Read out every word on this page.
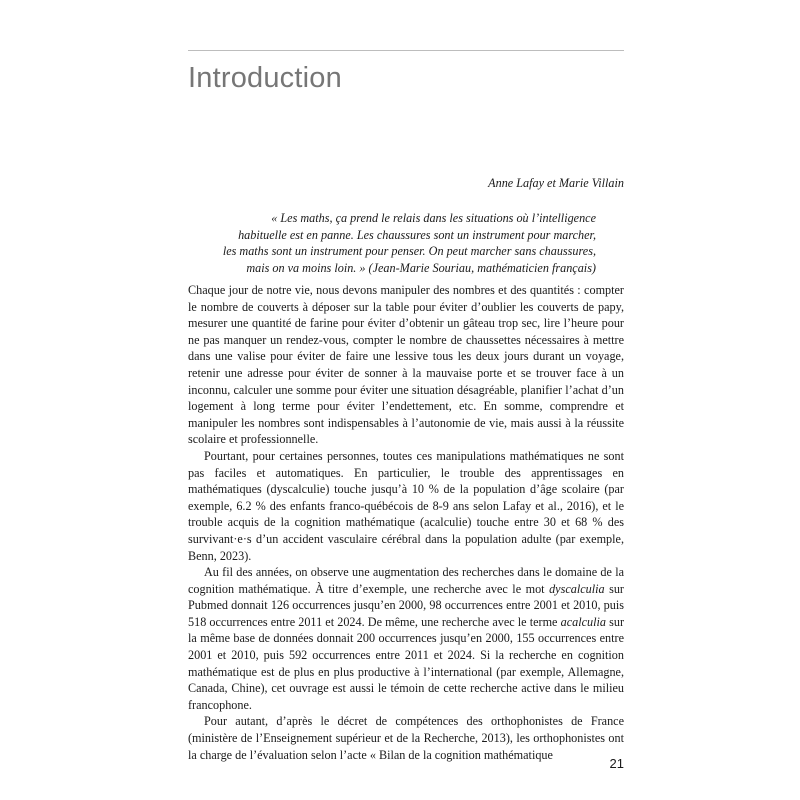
Introduction
Anne Lafay et Marie Villain
« Les maths, ça prend le relais dans les situations où l’intelligence
habituelle est en panne. Les chaussures sont un instrument pour marcher,
les maths sont un instrument pour penser. On peut marcher sans chaussures,
mais on va moins loin. » (Jean-Marie Souriau, mathématicien français)

Chaque jour de notre vie, nous devons manipuler des nombres et des quantités : compter le nombre de couverts à déposer sur la table pour éviter d’oublier les couverts de papy, mesurer une quantité de farine pour éviter d’obtenir un gâteau trop sec, lire l’heure pour ne pas manquer un rendez-vous, compter le nombre de chaussettes nécessaires à mettre dans une valise pour éviter de faire une lessive tous les deux jours durant un voyage, retenir une adresse pour éviter de sonner à la mauvaise porte et se trouver face à un inconnu, calculer une somme pour éviter une situation désagréable, planifier l’achat d’un logement à long terme pour éviter l’endettement, etc. En somme, comprendre et manipuler les nombres sont indispensables à l’autonomie de vie, mais aussi à la réussite scolaire et professionnelle.

Pourtant, pour certaines personnes, toutes ces manipulations mathématiques ne sont pas faciles et automatiques. En particulier, le trouble des apprentissages en mathématiques (dyscalculie) touche jusqu’à 10 % de la population d’âge scolaire (par exemple, 6.2 % des enfants franco-québécois de 8-9 ans selon Lafay et al., 2016), et le trouble acquis de la cognition mathématique (acalculie) touche entre 30 et 68 % des survivant·e·s d’un accident vasculaire cérébral dans la population adulte (par exemple, Benn, 2023).

Au fil des années, on observe une augmentation des recherches dans le domaine de la cognition mathématique. À titre d’exemple, une recherche avec le mot dyscalculia sur Pubmed donnait 126 occurrences jusqu’en 2000, 98 occurrences entre 2001 et 2010, puis 518 occurrences entre 2011 et 2024. De même, une recherche avec le terme acalculia sur la même base de données donnait 200 occurrences jusqu’en 2000, 155 occurrences entre 2001 et 2010, puis 592 occurrences entre 2011 et 2024. Si la recherche en cognition mathématique est de plus en plus productive à l’international (par exemple, Allemagne, Canada, Chine), cet ouvrage est aussi le témoin de cette recherche active dans le milieu francophone.

Pour autant, d’après le décret de compétences des orthophonistes de France (ministère de l’Enseignement supérieur et de la Recherche, 2013), les orthophonistes ont la charge de l’évaluation selon l’acte « Bilan de la cognition mathématique

21
